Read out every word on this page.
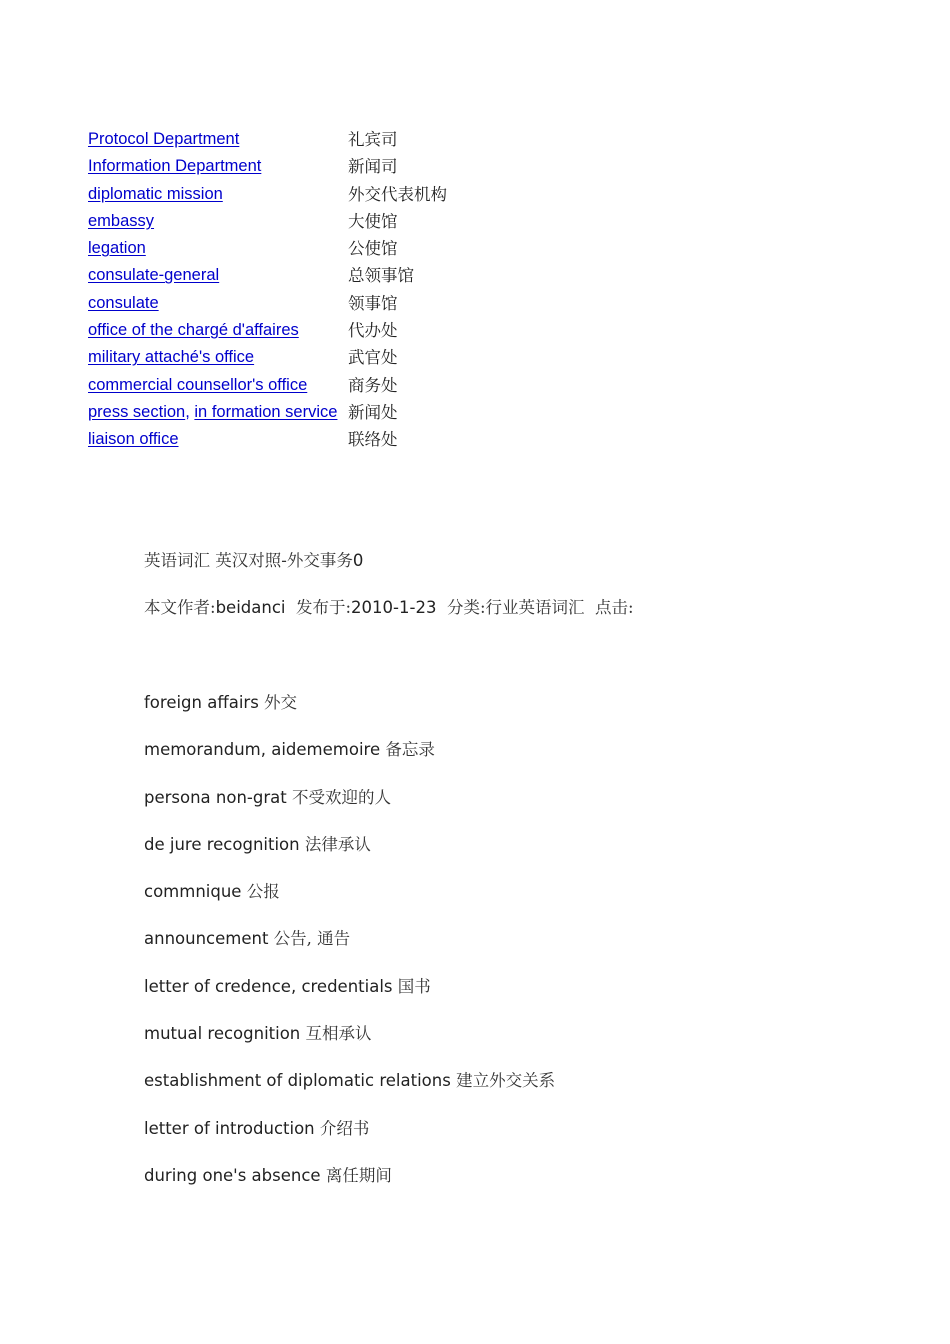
Protocol Department	礼宾司
Information Department	新闻司
diplomatic mission	外交代表机构
embassy	大使馆
legation	公使馆
consulate-general	总领事馆
consulate	领事馆
office of the chargé d'affaires	代办处
military attaché's office	武官处
commercial counsellor's office 商务处
press section, in formation service 新闻处
liaison office	联络处
英语词汇 英汉对照-外交事务0
本文作者:beidanci 发布于:2010-1-23 分类:行业英语词汇 点击:
foreign affairs 外交
memorandum, aidememoire 备忘录
persona non-grat 不受欢迎的人
de jure recognition 法律承认
commnique 公报
announcement 公告, 通告
letter of credence, credentials 国书
mutual recognition 互相承认
establishment of diplomatic relations 建立外交关系
letter of introduction 介绍书
during one's absence 离任期间
